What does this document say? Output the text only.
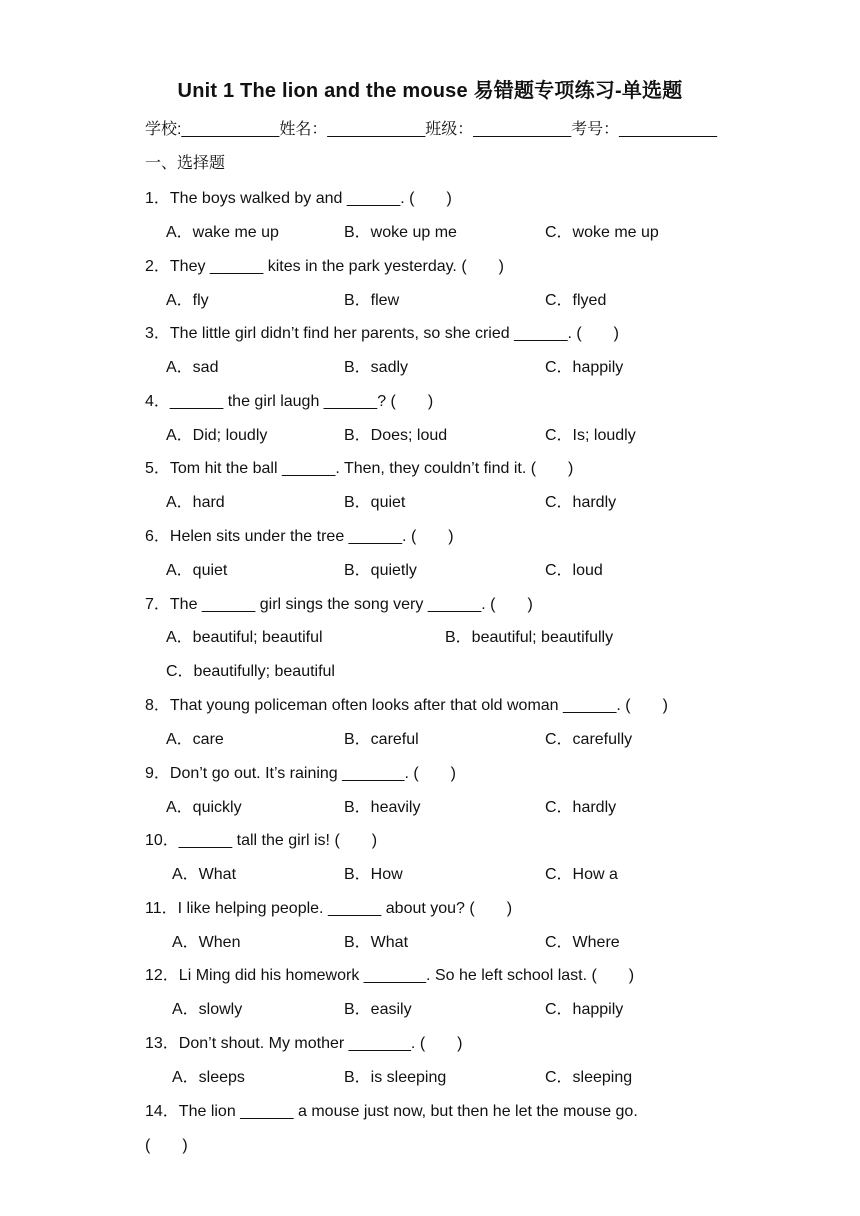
Unit 1 The lion and the mouse 易错题专项练习-单选题
学校:___________姓名：___________班级：___________考号：___________
一、选择题
1．The boys walked by and ______. (　　)
A．wake me up	B．woke up me	C．woke me up
2．They ______ kites in the park yesterday. (　　)
A．fly	B．flew	C．flyed
3．The little girl didn’t find her parents, so she cried ______. (　　)
A．sad	B．sadly	C．happily
4．______ the girl laugh ______? (　　)
A．Did; loudly	B．Does; loud	C．Is; loudly
5．Tom hit the ball ______. Then, they couldn’t find it. (　　)
A．hard	B．quiet	C．hardly
6．Helen sits under the tree ______. (　　)
A．quiet	B．quietly	C．loud
7．The ______ girl sings the song very ______. (　　)
A．beautiful; beautiful	B．beautiful; beautifully
C．beautifully; beautiful
8．That young policeman often looks after that old woman ______. (　　)
A．care	B．careful	C．carefully
9．Don’t go out. It’s raining _______. (　　)
A．quickly	B．heavily	C．hardly
10．______ tall the girl is! (　　)
A．What	B．How	C．How a
11．I like helping people. ______ about you? (　　)
A．When	B．What	C．Where
12．Li Ming did his homework _______. So he left school last. (　　)
A．slowly	B．easily	C．happily
13．Don’t shout. My mother _______. (　　)
A．sleeps	B．is sleeping	C．sleeping
14．The lion ______ a mouse just now, but then he let the mouse go.
(　　)
